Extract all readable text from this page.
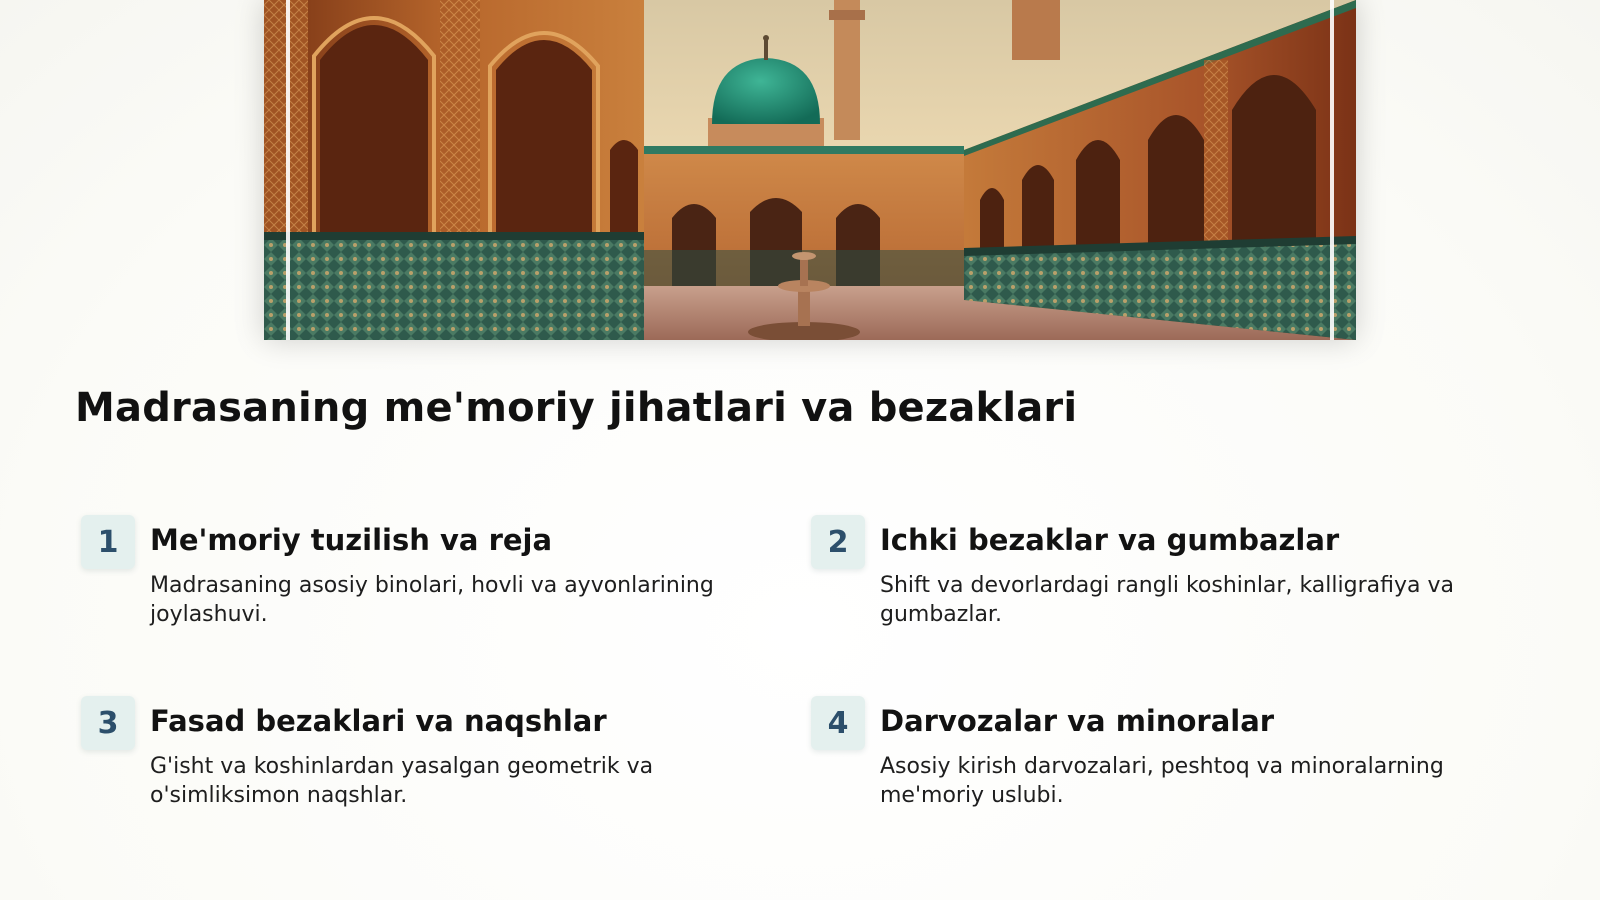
Madrasaning me'moriy jihatlari va bezaklari
1	Me'moriy tuzilish va reja

Madrasaning asosiy binolari, hovli va ayvonlarining joylashuvi.

2	Ichki bezaklar va gumbazlar

Shift va devorlardagi rangli koshinlar, kalligrafiya va gumbazlar.

3	Fasad bezaklari va naqshlar

G'isht va koshinlardan yasalgan geometrik va o'simliksimon naqshlar.

4	Darvozalar va minoralar

Asosiy kirish darvozalari, peshtoq va minoralarning me'moriy uslubi.
